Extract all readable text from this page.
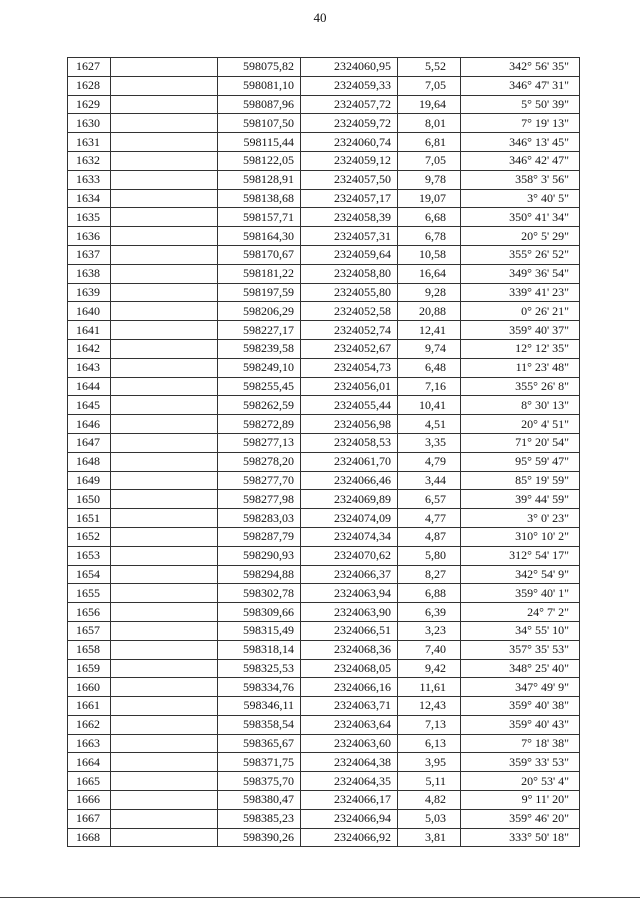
40
1627		598075,82	2324060,95	5,52	342° 56' 35"
1628		598081,10	2324059,33	7,05	346° 47' 31"
1629		598087,96	2324057,72	19,64	5° 50' 39"
1630		598107,50	2324059,72	8,01	7° 19' 13"
1631		598115,44	2324060,74	6,81	346° 13' 45"
1632		598122,05	2324059,12	7,05	346° 42' 47"
1633		598128,91	2324057,50	9,78	358° 3' 56"
1634		598138,68	2324057,17	19,07	3° 40' 5"
1635		598157,71	2324058,39	6,68	350° 41' 34"
1636		598164,30	2324057,31	6,78	20° 5' 29"
1637		598170,67	2324059,64	10,58	355° 26' 52"
1638		598181,22	2324058,80	16,64	349° 36' 54"
1639		598197,59	2324055,80	9,28	339° 41' 23"
1640		598206,29	2324052,58	20,88	0° 26' 21"
1641		598227,17	2324052,74	12,41	359° 40' 37"
1642		598239,58	2324052,67	9,74	12° 12' 35"
1643		598249,10	2324054,73	6,48	11° 23' 48"
1644		598255,45	2324056,01	7,16	355° 26' 8"
1645		598262,59	2324055,44	10,41	8° 30' 13"
1646		598272,89	2324056,98	4,51	20° 4' 51"
1647		598277,13	2324058,53	3,35	71° 20' 54"
1648		598278,20	2324061,70	4,79	95° 59' 47"
1649		598277,70	2324066,46	3,44	85° 19' 59"
1650		598277,98	2324069,89	6,57	39° 44' 59"
1651		598283,03	2324074,09	4,77	3° 0' 23"
1652		598287,79	2324074,34	4,87	310° 10' 2"
1653		598290,93	2324070,62	5,80	312° 54' 17"
1654		598294,88	2324066,37	8,27	342° 54' 9"
1655		598302,78	2324063,94	6,88	359° 40' 1"
1656		598309,66	2324063,90	6,39	24° 7' 2"
1657		598315,49	2324066,51	3,23	34° 55' 10"
1658		598318,14	2324068,36	7,40	357° 35' 53"
1659		598325,53	2324068,05	9,42	348° 25' 40"
1660		598334,76	2324066,16	11,61	347° 49' 9"
1661		598346,11	2324063,71	12,43	359° 40' 38"
1662		598358,54	2324063,64	7,13	359° 40' 43"
1663		598365,67	2324063,60	6,13	7° 18' 38"
1664		598371,75	2324064,38	3,95	359° 33' 53"
1665		598375,70	2324064,35	5,11	20° 53' 4"
1666		598380,47	2324066,17	4,82	9° 11' 20"
1667		598385,23	2324066,94	5,03	359° 46' 20"
1668		598390,26	2324066,92	3,81	333° 50' 18"
